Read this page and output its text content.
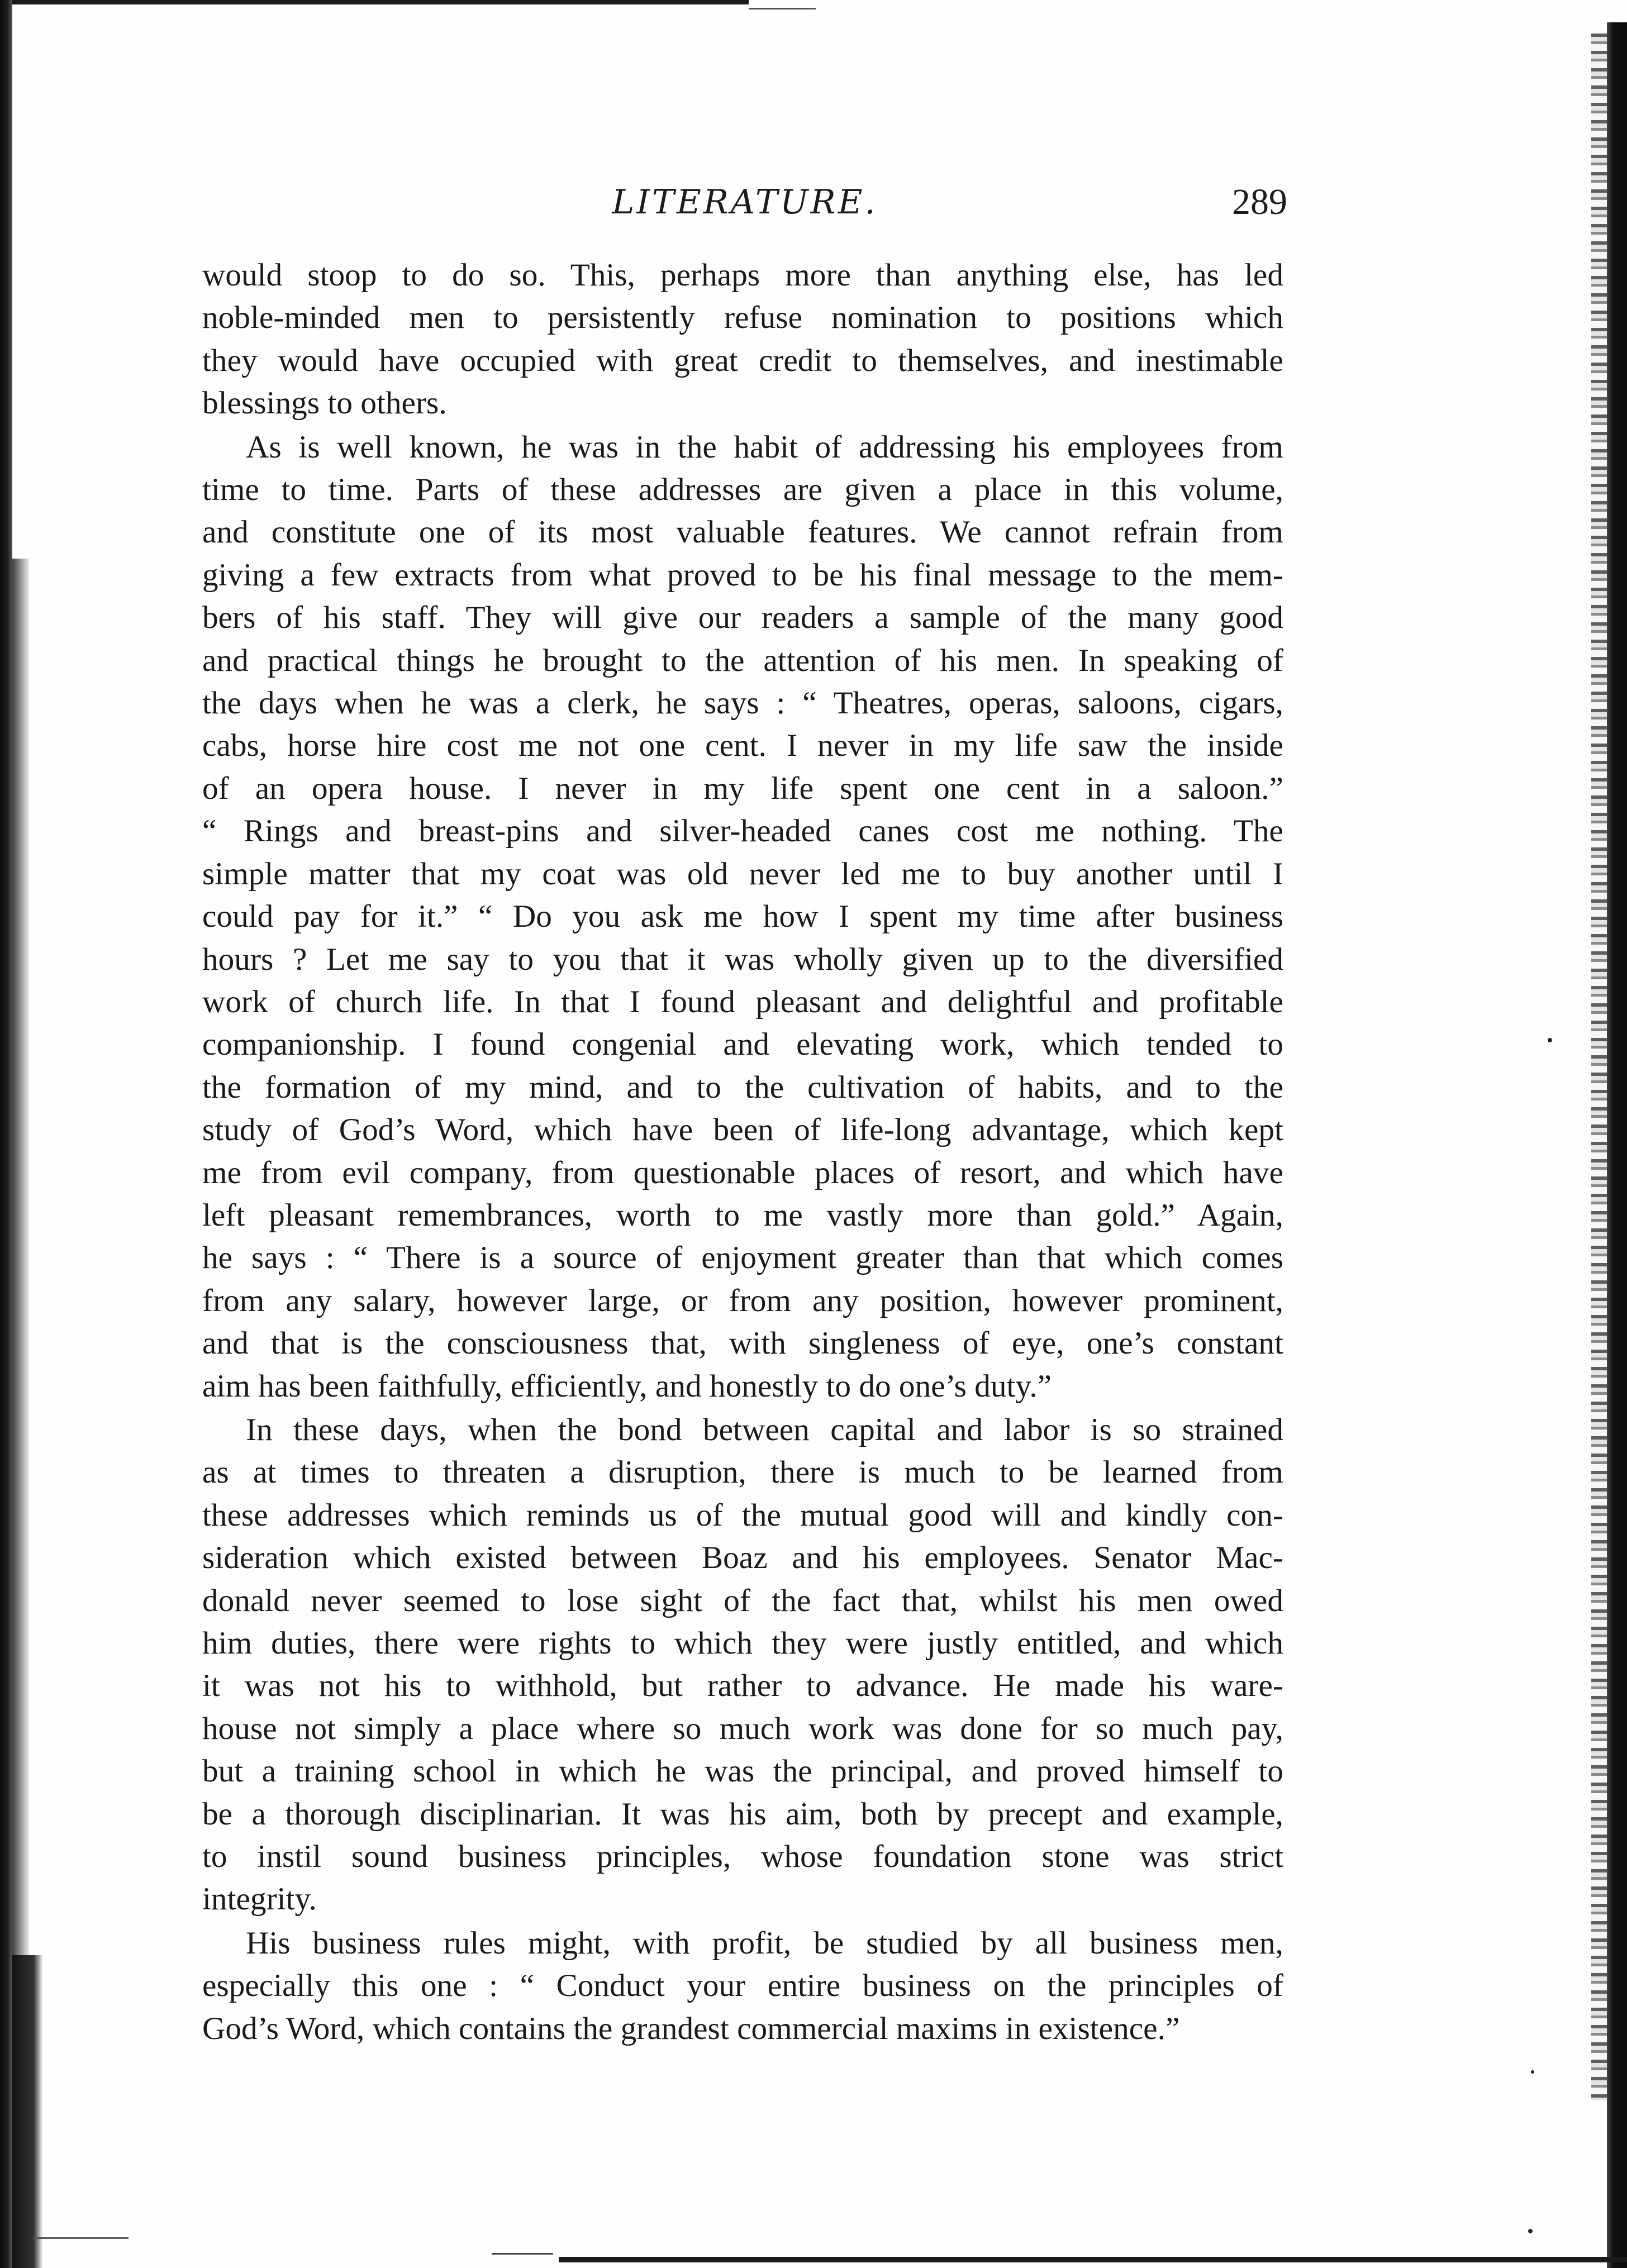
LITERATURE.	289
would stoop to do so. This, perhaps more than anything else, has led
noble-minded men to persistently refuse nomination to positions which
they would have occupied with great credit to themselves, and inestimable
blessings to others.
As is well known, he was in the habit of addressing his employees from
time to time. Parts of these addresses are given a place in this volume,
and constitute one of its most valuable features. We cannot refrain from
giving a few extracts from what proved to be his final message to the mem-
bers of his staff. They will give our readers a sample of the many good
and practical things he brought to the attention of his men. In speaking of
the days when he was a clerk, he says : “ Theatres, operas, saloons, cigars,
cabs, horse hire cost me not one cent. I never in my life saw the inside
of an opera house. I never in my life spent one cent in a saloon.”
“ Rings and breast-pins and silver-headed canes cost me nothing. The
simple matter that my coat was old never led me to buy another until I
could pay for it.” “ Do you ask me how I spent my time after business
hours ? Let me say to you that it was wholly given up to the diversified
work of church life. In that I found pleasant and delightful and profitable
companionship. I found congenial and elevating work, which tended to
the formation of my mind, and to the cultivation of habits, and to the
study of God’s Word, which have been of life-long advantage, which kept
me from evil company, from questionable places of resort, and which have
left pleasant remembrances, worth to me vastly more than gold.” Again,
he says : “ There is a source of enjoyment greater than that which comes
from any salary, however large, or from any position, however prominent,
and that is the consciousness that, with singleness of eye, one’s constant
aim has been faithfully, efficiently, and honestly to do one’s duty.”
In these days, when the bond between capital and labor is so strained
as at times to threaten a disruption, there is much to be learned from
these addresses which reminds us of the mutual good will and kindly con-
sideration which existed between Boaz and his employees. Senator Mac-
donald never seemed to lose sight of the fact that, whilst his men owed
him duties, there were rights to which they were justly entitled, and which
it was not his to withhold, but rather to advance. He made his ware-
house not simply a place where so much work was done for so much pay,
but a training school in which he was the principal, and proved himself to
be a thorough disciplinarian. It was his aim, both by precept and example,
to instil sound business principles, whose foundation stone was strict
integrity.
His business rules might, with profit, be studied by all business men,
especially this one : “ Conduct your entire business on the principles of
God’s Word, which contains the grandest commercial maxims in existence.”
